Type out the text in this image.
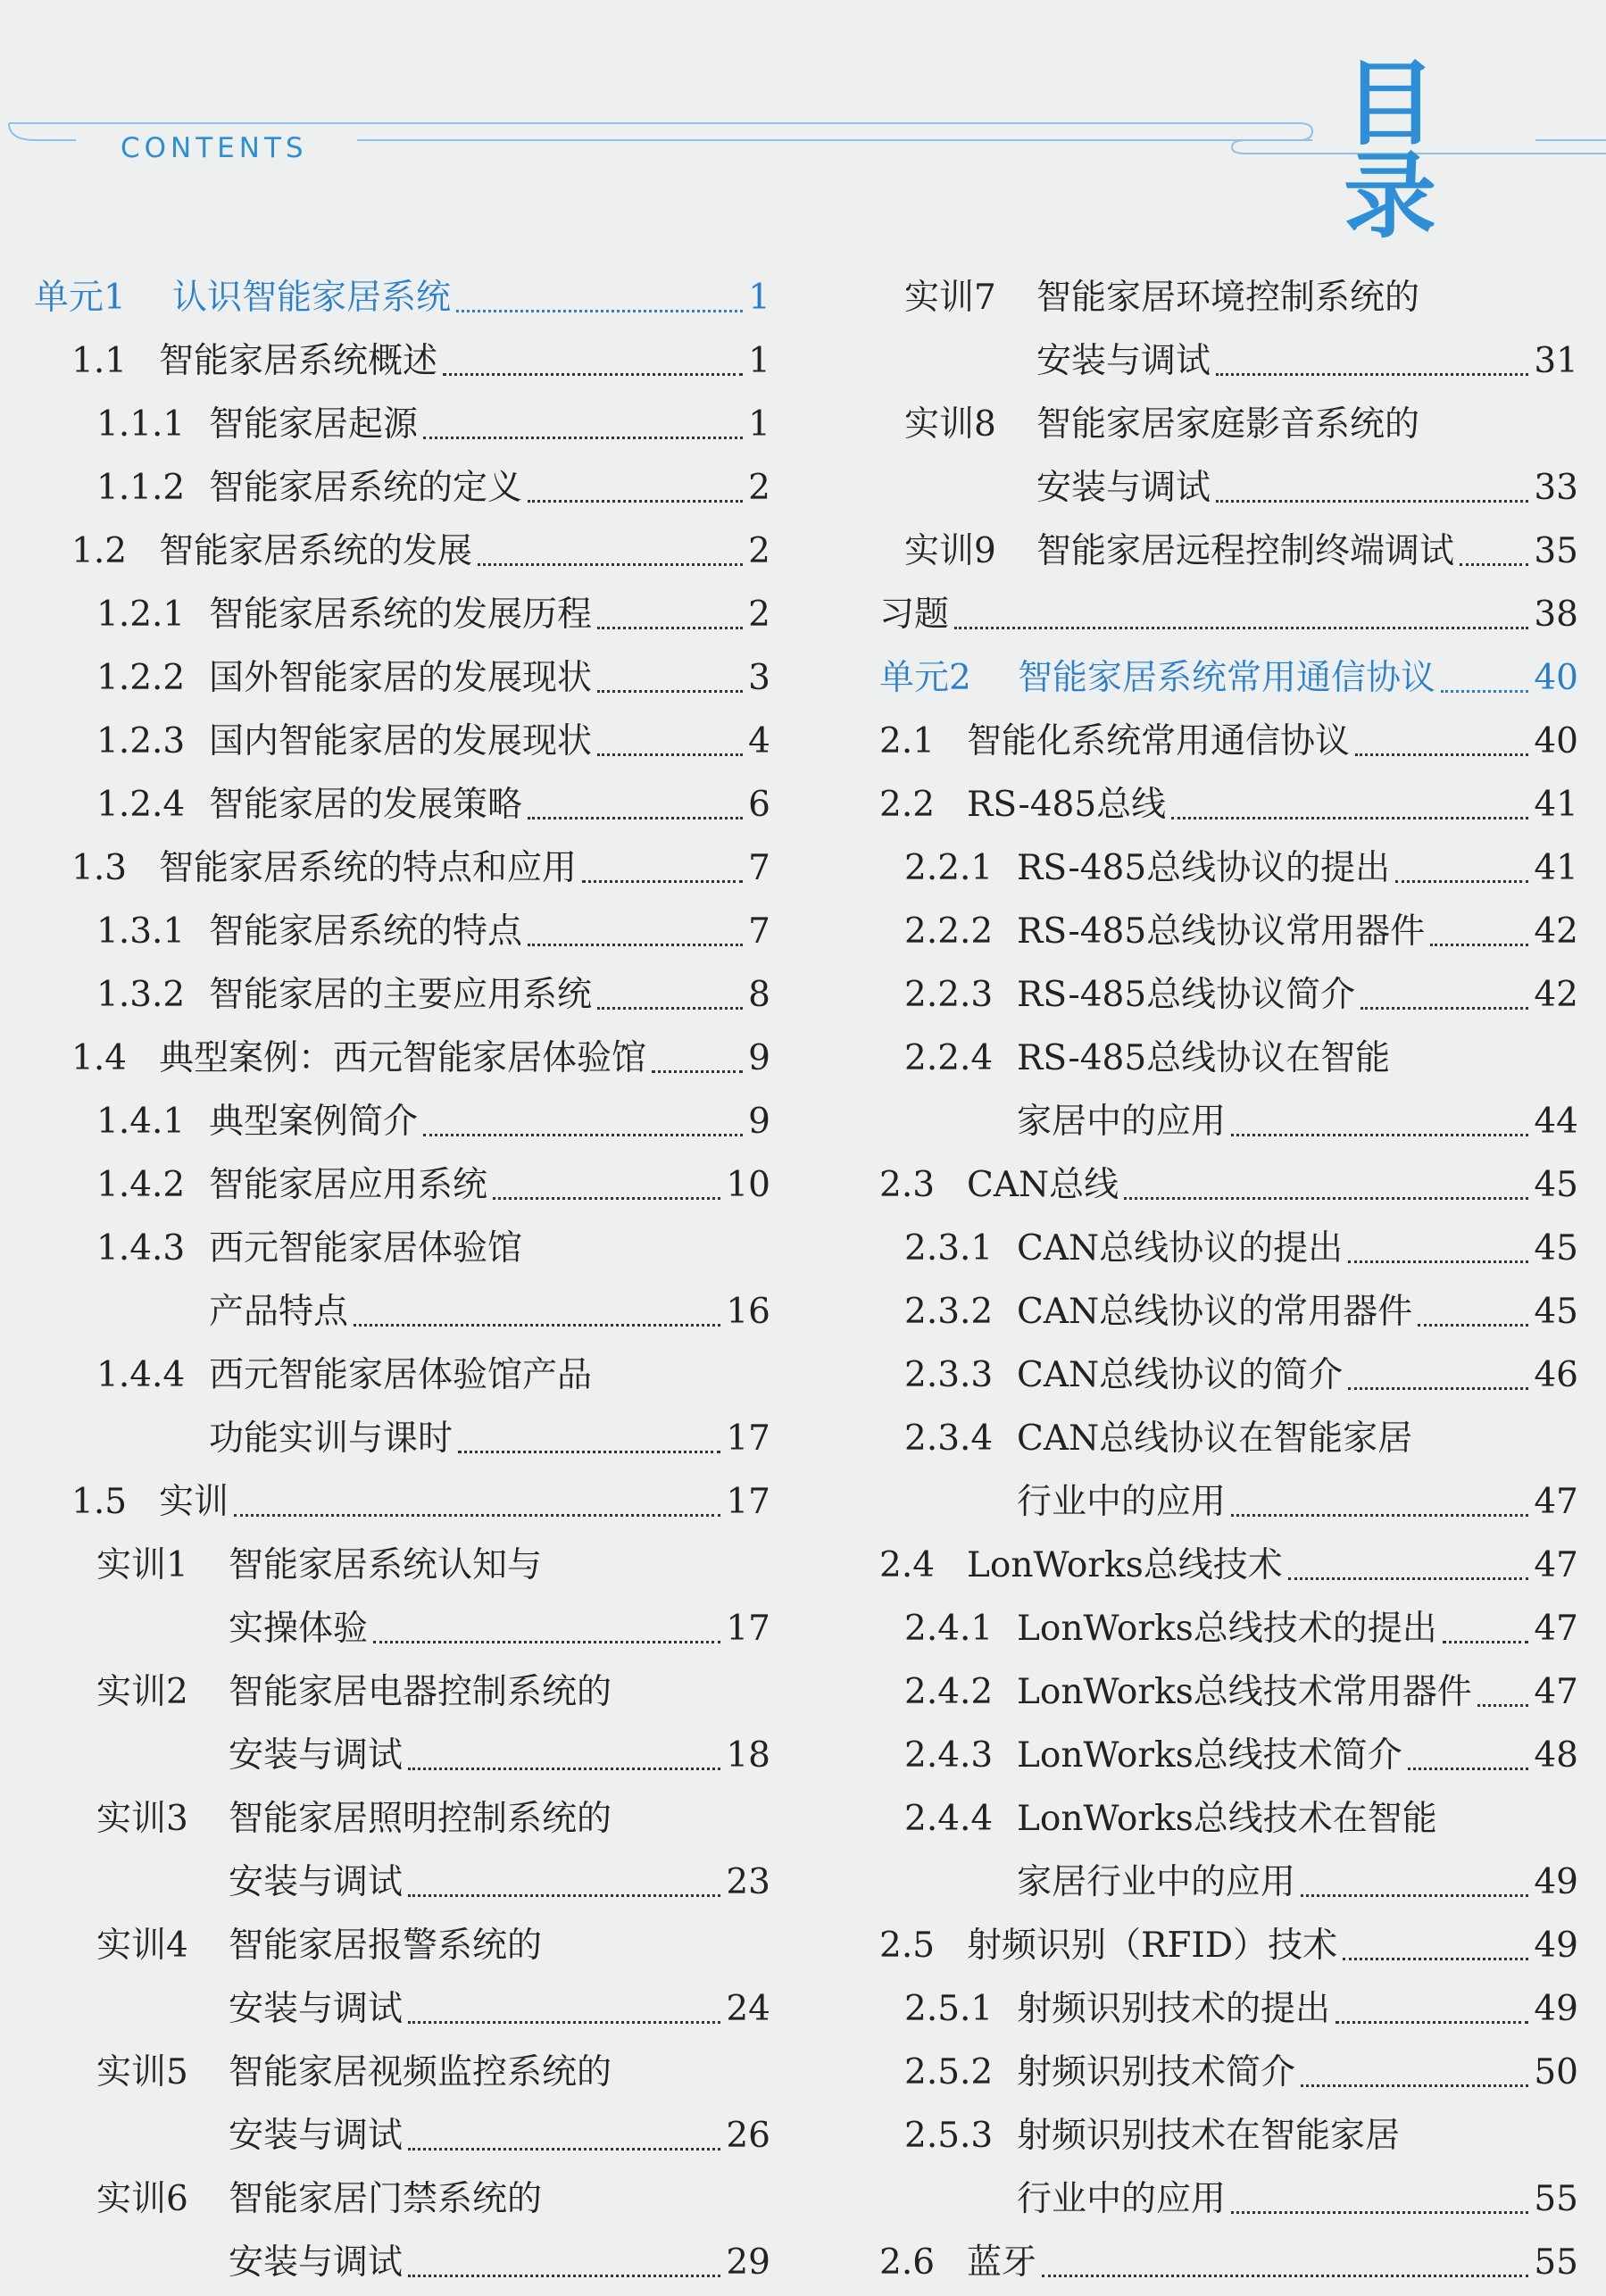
CONTENTS	目 录
单元1	认识智能家居系统	1
1.1 智能家居系统概述	1
1.1.1 智能家居起源	1
1.1.2 智能家居系统的定义	2
1.2 智能家居系统的发展	2
1.2.1 智能家居系统的发展历程	2
1.2.2 国外智能家居的发展现状	3
1.2.3 国内智能家居的发展现状	4
1.2.4 智能家居的发展策略	6
1.3 智能家居系统的特点和应用	7
1.3.1 智能家居系统的特点	7
1.3.2 智能家居的主要应用系统	8
1.4 典型案例：西元智能家居体验馆	9
1.4.1 典型案例简介	9
1.4.2 智能家居应用系统	10
1.4.3 西元智能家居体验馆
产品特点	16
1.4.4 西元智能家居体验馆产品
功能实训与课时	17
1.5 实训	17
实训1	智能家居系统认知与
实操体验	17
实训2	智能家居电器控制系统的
安装与调试	18
实训3	智能家居照明控制系统的
安装与调试	23
实训4	智能家居报警系统的
安装与调试	24
实训5	智能家居视频监控系统的
安装与调试	26
实训6	智能家居门禁系统的
安装与调试	29
实训7	智能家居环境控制系统的
安装与调试	31
实训8	智能家居家庭影音系统的
安装与调试	33
实训9	智能家居远程控制终端调试 35
习题	38
单元2	智能家居系统常用通信协议	40
2.1 智能化系统常用通信协议	40
2.2 RS-485总线	41
2.2.1 RS-485总线协议的提出	41
2.2.2 RS-485总线协议常用器件	42
2.2.3 RS-485总线协议简介	42
2.2.4 RS-485总线协议在智能
家居中的应用	44
2.3 CAN总线	45
2.3.1 CAN总线协议的提出	45
2.3.2 CAN总线协议的常用器件	45
2.3.3 CAN总线协议的简介	46
2.3.4 CAN总线协议在智能家居
行业中的应用	47
2.4 LonWorks总线技术	47
2.4.1 LonWorks总线技术的提出	47
2.4.2 LonWorks总线技术常用器件 47
2.4.3 LonWorks总线技术简介	48
2.4.4 LonWorks总线技术在智能
家居行业中的应用	49
2.5 射频识别（RFID）技术	49
2.5.1 射频识别技术的提出	49
2.5.2 射频识别技术简介	50
2.5.3 射频识别技术在智能家居
行业中的应用	55
2.6 蓝牙	55
